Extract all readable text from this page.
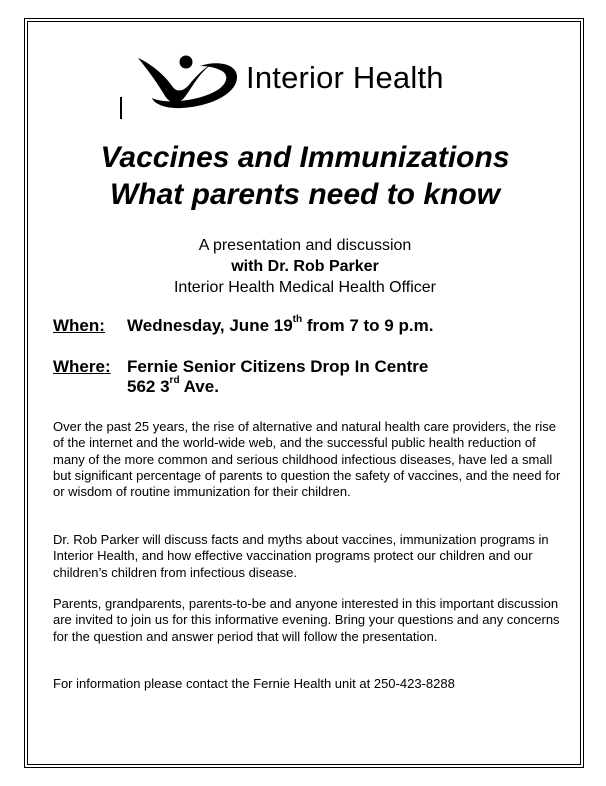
Interior Health
Vaccines and Immunizations
What parents need to know
A presentation and discussion
with Dr. Rob Parker
Interior Health Medical Health Officer
When: Wednesday, June 19th from 7 to 9 p.m.
Where: Fernie Senior Citizens Drop In Centre
562 3rd Ave.
Over the past 25 years, the rise of alternative and natural health care providers, the rise of the internet and the world-wide web, and the successful public health reduction of many of the more common and serious childhood infectious diseases, have led a small but significant percentage of parents to question the safety of vaccines, and the need for or wisdom of routine immunization for their children.
Dr. Rob Parker will discuss facts and myths about vaccines, immunization programs in Interior Health, and how effective vaccination programs protect our children and our children’s children from infectious disease.
Parents, grandparents, parents-to-be and anyone interested in this important discussion are invited to join us for this informative evening. Bring your questions and any concerns for the question and answer period that will follow the presentation.
For information please contact the Fernie Health unit at 250-423-8288
